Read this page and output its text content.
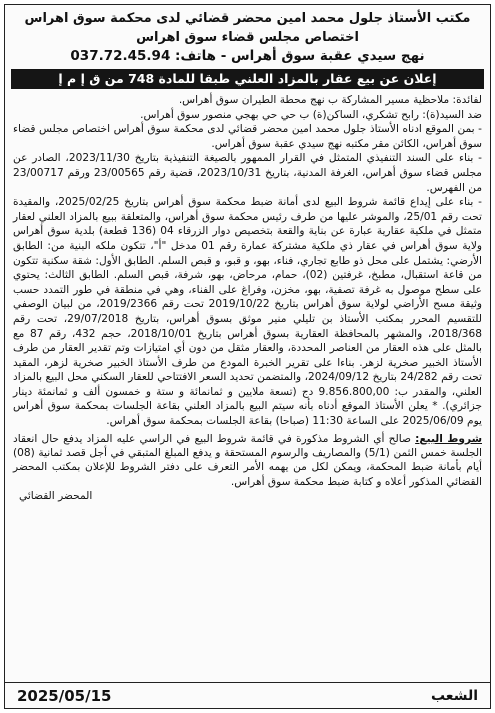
مكتب الأستاذ جلول محمد امين محضر قضائي لدى محكمة سوق اهراس
اختصاص مجلس قضاء سوق اهراس
نهج سيدي عقبة سوق أهراس - هاتف: 037.72.45.94
إعلان عن بيع عقار بالمزاد العلني طبقا للمادة 748 من ق إ م إ

لفائدة: ملاحظية مسير المشاركة ب نهج محطة الطيران سوق أهراس.

ضد السيد(ة): رابح تشكري، الساكن(ة) ب حي حي بهجي منصور سوق أهراس.

- بمن الموقع ادناه الأستاذ جلول محمد امين محضر قضائي لدى محكمة سوق أهراس اختصاص مجلس قضاء سوق أهراس، الكائن مقر مكتبه نهج سيدي عقبة سوق أهراس.

- بناء على السند التنفيذي المتمثل في القرار الممهور بالصيغة التنفيذية بتاريخ 2023/11/30، الصادر عن مجلس قضاء سوق أهراس، الغرفة المدنية، بتاريخ 2023/10/31، قضية رقم 23/00565 ورقم 23/00717 من الفهرس.

- بناء على إيداع قائمة شروط البيع لدى أمانة ضبط محكمة سوق أهراس بتاريخ 2025/02/25، والمقيدة تحت رقم 25/01، والموشر عليها من طرف رئيس محكمة سوق أهراس، والمتعلقة ببيع بالمزاد العلني لعقار متمثل في ملكية عقارية عبارة عن بناية والقعة بتخصيص دوار الزرقاء 04 (136 قطعة) بلدية سوق أهراس ولاية سوق أهراس في عقار ذي ملكية مشتركة عمارة رقم 01 مدخل "أ"، تتكون ملكه البنية من: الطابق الأرضي: يشتمل على محل ذو طابع تجاري، فناء، بهو، و قبو، و قبص السلم. الطابق الأول: شقة سكنية تتكون من قاعة استقبال، مطبخ، غرفتين (02)، حمام، مرحاض، بهو، شرفة، قبص السلم. الطابق الثالث: يحتوي على سطح موصول به غرفة تصفية، بهو، مخزن، وفراغ على الفناء، وهي في منطقة في طور التمدد حسب وثيقة مسح الأراضي لولاية سوق أهراس بتاريخ 2019/10/22 تحت رقم 2019/2366، من لبيان الوصفي للتقسيم المحرر بمكتب الأستاذ بن تليلي منير موثق بسوق أهراس، بتاريخ 29/07/2018، تحت رقم 2018/368، والمشهر بالمحافظة العقارية بسوق أهراس بتاريخ 2018/10/01، حجم 432، رقم 87 مع بالمثل على هذه العقار من العناصر المحددة، والعقار مثقل من دون أي امتيازات وتم تقدير العقار من طرف الأستاذ الخبير صخرية لزهر. بناءا على تقرير الخبرة المودع من طرف الأستاذ الخبير صخرية لزهر، المقيد تحت رقم 24/282 بتاريخ 2024/09/12، والمتضمن تحديد السعر الافتتاحي للعقار السكني محل البيع بالمزاد العلني، والمقدر ب: 9.856.800,00 دج (تسعة ملايين و ثمانمائة و ستة و خمسون ألف و ثمانمئة دينار جزائري). * يعلن الأستاذ الموقع أدناه بأنه سيتم البيع بالمزاد العلني بقاعة الجلسات بمحكمة سوق أهراس يوم 2025/06/09 على الساعة 11:30 (صباحا) بقاعة الجلسات بمحكمة سوق أهراس.

شروط البيع: صالح أي الشروط مذكورة في قائمة شروط البيع في الراسي عليه المزاد يدفع حال انعقاد الجلسة خمس الثمن (5/1) والمصاريف والرسوم المستحقة و يدفع المبلغ المتبقي في أجل قصد ثمانية (08) أيام بأمانة ضبط المحكمة، ويمكن لكل من يهمه الأمر التعرف على دفتر الشروط للإعلان بمكتب المحضر القضائي المذكور أعلاه و كتابة ضبط محكمة سوق أهراس.
المحضر القضائي
الشعب
2025/05/15
